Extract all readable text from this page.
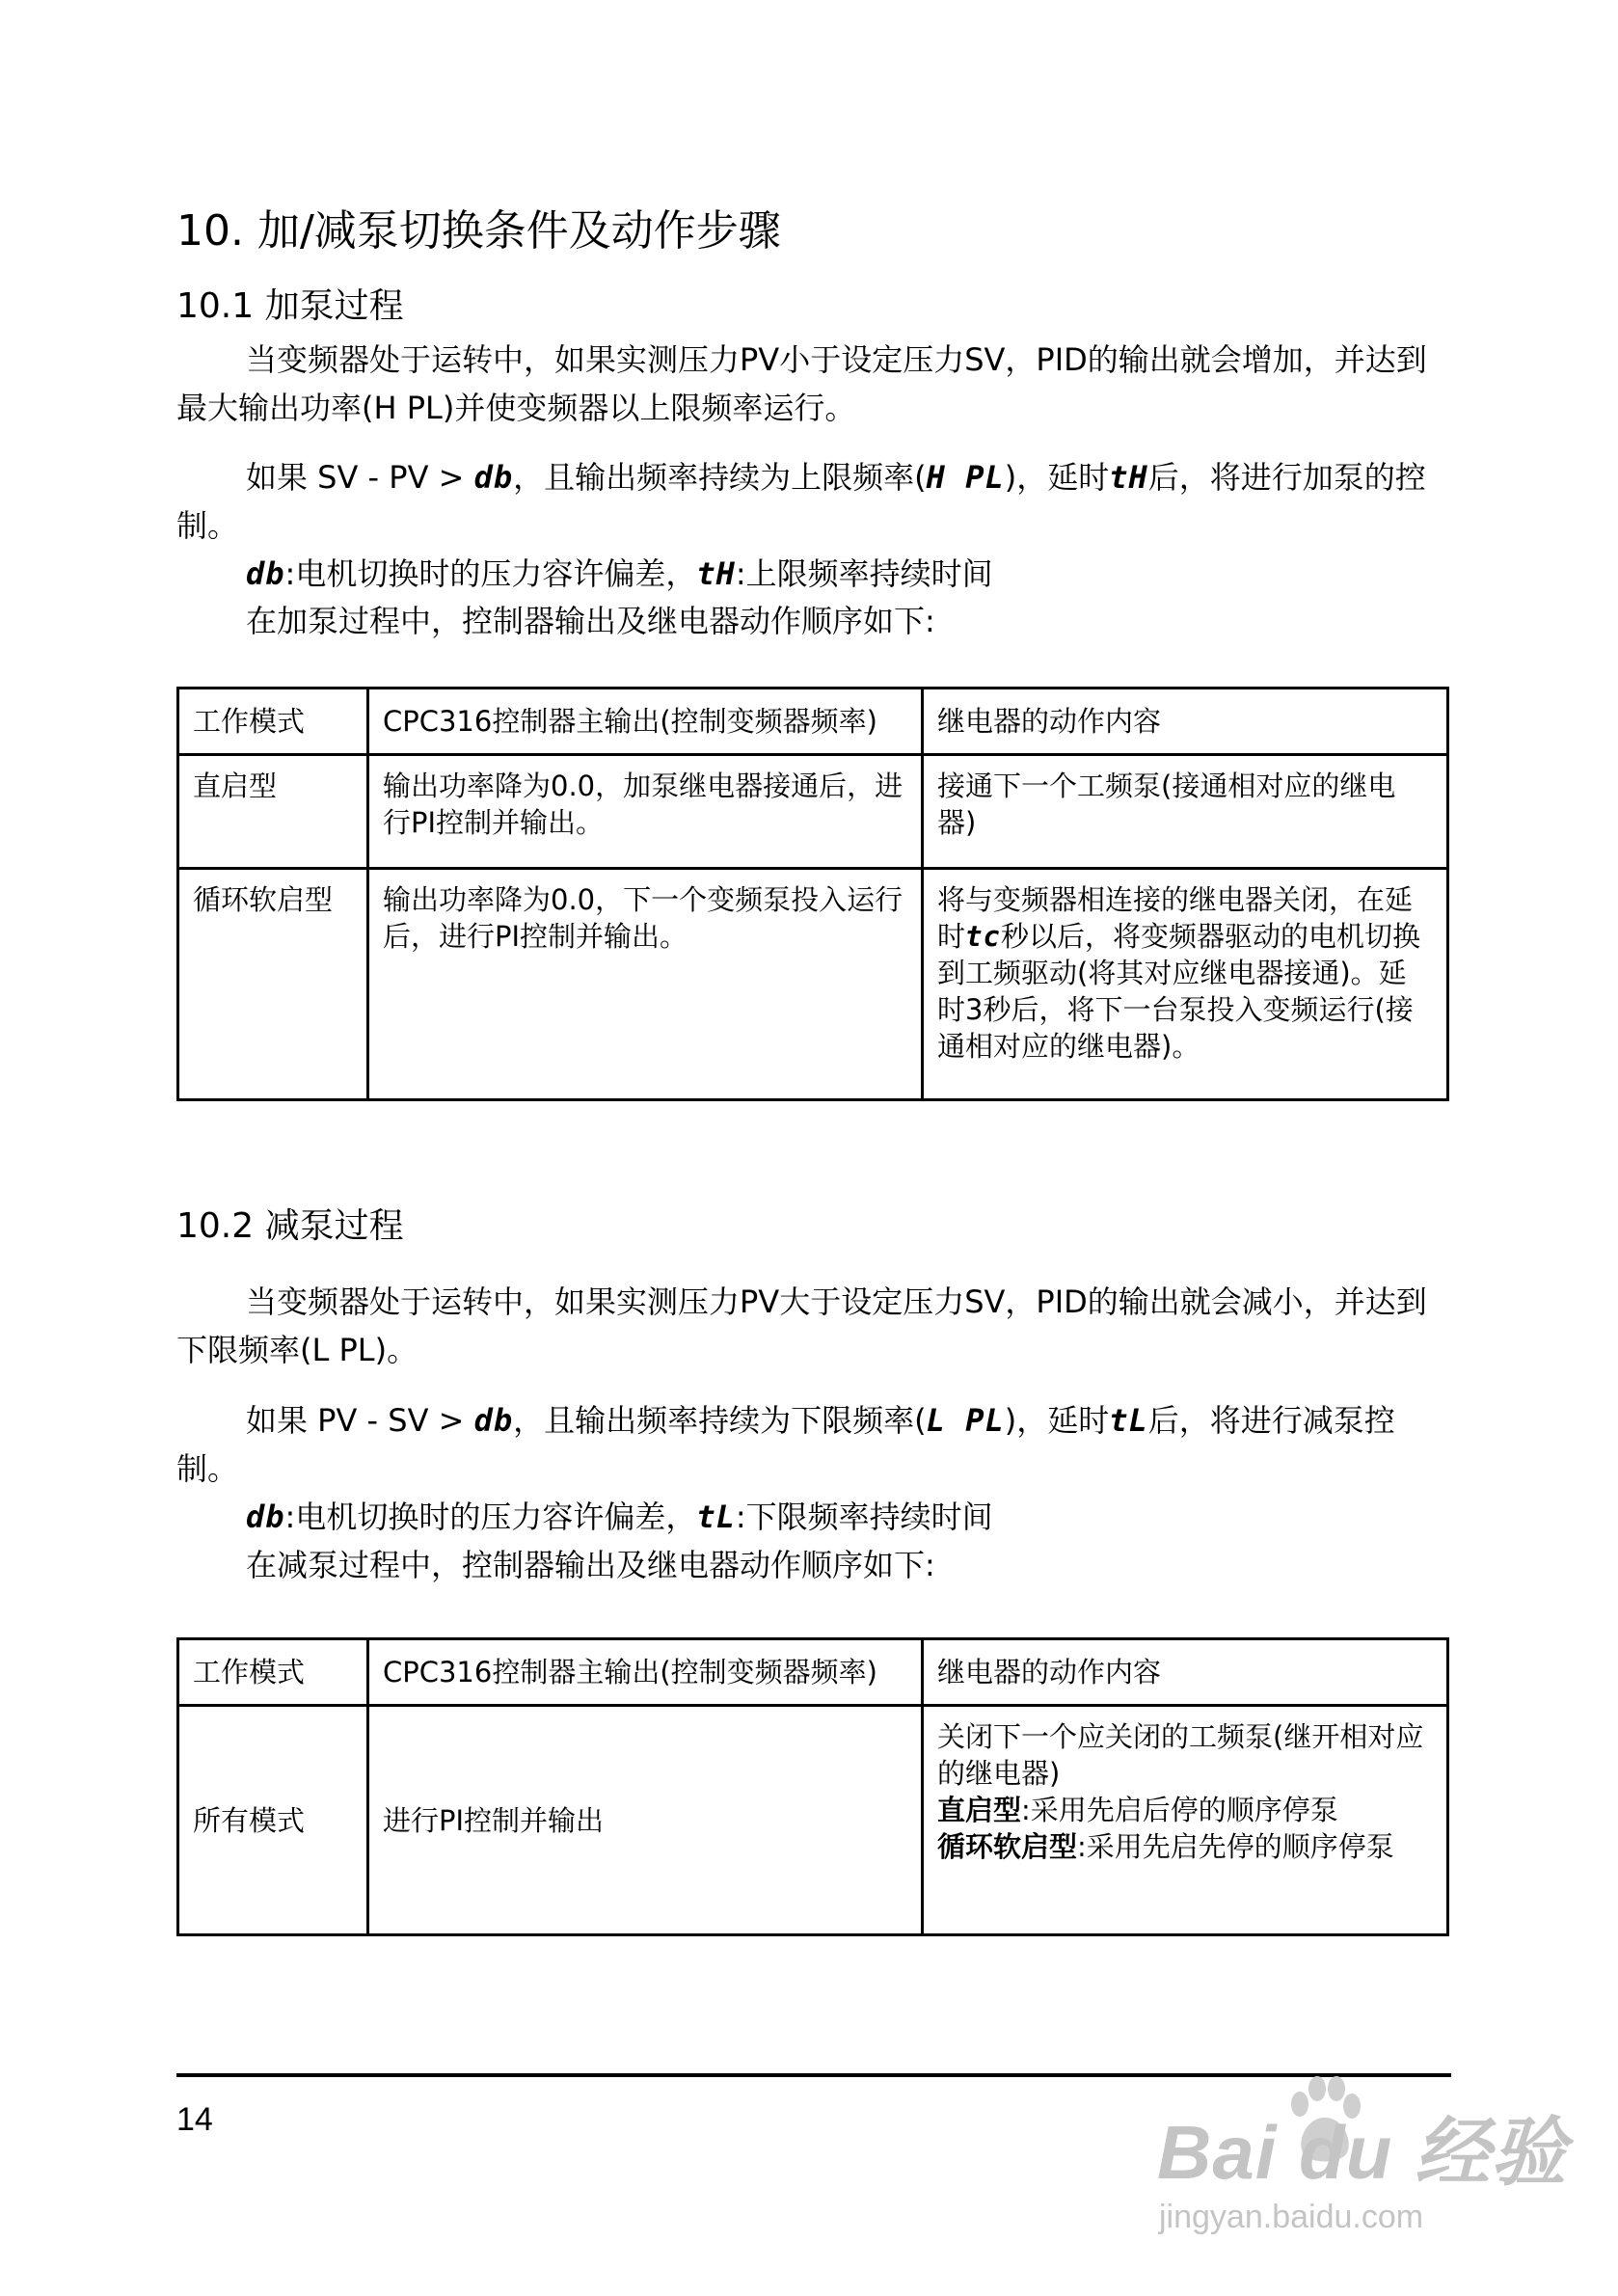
10. 加/减泵切换条件及动作步骤
10.1 加泵过程
当变频器处于运转中，如果实测压力PV小于设定压力SV，PID的输出就会增加，并达到最大输出功率(H PL)并使变频器以上限频率运行。
如果 SV - PV > db，且输出频率持续为上限频率(H PL)，延时tH后，将进行加泵的控制。
db:电机切换时的压力容许偏差，tH:上限频率持续时间
在加泵过程中，控制器输出及继电器动作顺序如下:
工作模式	CPC316控制器主输出(控制变频器频率)	继电器的动作内容
直启型	输出功率降为0.0，加泵继电器接通后，进行PI控制并输出。	接通下一个工频泵(接通相对应的继电器)
循环软启型	输出功率降为0.0，下一个变频泵投入运行后，进行PI控制并输出。	将与变频器相连接的继电器关闭，在延时tc秒以后，将变频器驱动的电机切换到工频驱动(将其对应继电器接通)。延时3秒后，将下一台泵投入变频运行(接通相对应的继电器)。
10.2 减泵过程
当变频器处于运转中，如果实测压力PV大于设定压力SV，PID的输出就会减小，并达到下限频率(L PL)。
如果 PV - SV > db，且输出频率持续为下限频率(L PL)，延时tL后，将进行减泵控制。
db:电机切换时的压力容许偏差，tL:下限频率持续时间
在减泵过程中，控制器输出及继电器动作顺序如下:
工作模式	CPC316控制器主输出(控制变频器频率)	继电器的动作内容
所有模式	进行PI控制并输出	关闭下一个应关闭的工频泵(继开相对应的继电器)
直启型:采用先启后停的顺序停泵
循环软启型:采用先启先停的顺序停泵
14	Bai du 经验
jingyan.baidu.com
